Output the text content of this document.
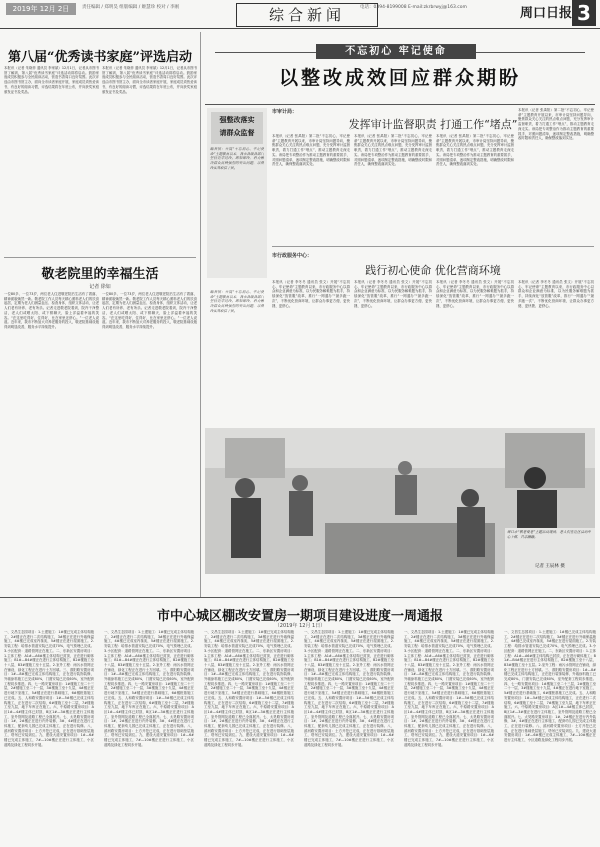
2019年 12月 2日	责任编辑 / 郑明昊 组版编辑 / 姬慧珍 校对 / 李刚	综合新闻	电话：0394-8199008 E-mail:zkrbrwyj@163.com	周口日报 3
第八届“优秀读书家庭”评选启动
本报讯（记者 朱晓菲 通讯员 李家斌）12月1日，记者从市图书馆了解到，第八届“优秀读书家庭”评选活动即将启动。鼓励家庭成员积极参与全民阅读活动，营造书香周口良好氛围。此次评选由市图书馆主办，面向全市读者家庭开展，家庭成员须热爱读书，有良好的阅读习惯，评选结果将在年底公布，并向获奖家庭颁发证书及奖品。
本报讯（记者 朱晓菲 通讯员 李家斌）12月1日，记者从市图书馆了解到，第八届“优秀读书家庭”评选活动即将启动。鼓励家庭成员积极参与全民阅读活动，营造书香周口良好氛围。此次评选由市图书馆主办，面向全市读者家庭开展，家庭成员须热爱读书，有良好的阅读习惯，评选结果将在年底公布，并向获奖家庭颁发证书及奖品。
敬老院里的幸福生活
记者 徐如
一位80多、一位73岁，两位老人住进敬老院后生活有了着落，精神面貌焕然一新。敬老院工作人员每天精心照料老人们的饮食起居，定期为老人们测量血压、检查身体，组织文体活动，让老人们老有所养、老有所乐。记者走进敬老院看到，院内干净整洁，老人们或晒太阳、或下棋聊天，脸上洋溢着幸福的笑容。“在这里吃得好、住得好，比在家里还舒心。”一位老人说道。近年来，我市不断加大对养老服务的投入，敬老院基础设施得到明显改善，服务水平持续提升。
一位80多、一位73岁，两位老人住进敬老院后生活有了着落，精神面貌焕然一新。敬老院工作人员每天精心照料老人们的饮食起居，定期为老人们测量血压、检查身体，组织文体活动，让老人们老有所养、老有所乐。记者走进敬老院看到，院内干净整洁，老人们或晒太阳、或下棋聊天，脸上洋溢着幸福的笑容。“在这里吃得好、住得好，比在家里还舒心。”一位老人说道。近年来，我市不断加大对养老服务的投入，敬老院基础设施得到明显改善，服务水平持续提升。
不忘初心 牢记使命
以整改成效回应群众期盼
强整改落实
请群众监督
编者按：开展“不忘初心、牢记使命”主题教育以来，我市各级各部门坚持边学边改、即知即改，着力解决群众反映强烈的突出问题，以整改实效取信于民。
编者按：开展“不忘初心、牢记使命”主题教育以来，我市各级各部门坚持边学边改、即知即改，着力解决群众反映强烈的突出问题，以整改实效取信于民。
市审计局：
发挥审计监督职责 打通工作“堵点”
本报讯（记者 张禹阳）第二批“不忘初心、牢记使命”主题教育开展以来，市审计局坚持问题导向，聚焦群众关心关注的热点难点问题，充分发挥审计监督职责，着力打通工作“堵点”，推动主题教育走深走实。该局把专项整治作为推动主题教育的重要抓手，对照问题清单，逐项制定整改措施，明确整改时限和责任人，确保整改落到实处。
本报讯（记者 张禹阳）第二批“不忘初心、牢记使命”主题教育开展以来，市审计局坚持问题导向，聚焦群众关心关注的热点难点问题，充分发挥审计监督职责，着力打通工作“堵点”，推动主题教育走深走实。该局把专项整治作为推动主题教育的重要抓手，对照问题清单，逐项制定整改措施，明确整改时限和责任人，确保整改落到实处。
本报讯（记者 张禹阳）第二批“不忘初心、牢记使命”主题教育开展以来，市审计局坚持问题导向，聚焦群众关心关注的热点难点问题，充分发挥审计监督职责，着力打通工作“堵点”，推动主题教育走深走实。该局把专项整治作为推动主题教育的重要抓手，对照问题清单，逐项制定整改措施，明确整改时限和责任人，确保整改落到实处。
本报讯（记者 张禹阳）第二批“不忘初心、牢记使命”主题教育开展以来，市审计局坚持问题导向，聚焦群众关心关注的热点难点问题，充分发挥审计监督职责，着力打通工作“堵点”，推动主题教育走深走实。该局把专项整治作为推动主题教育的重要抓手，对照问题清单，逐项制定整改措施，明确整改时限和责任人，确保整改落到实处。
市行政服务中心：
践行初心使命 优化营商环境
本报讯（记者 李冬冬 通讯员 张文）开展“不忘初心、牢记使命”主题教育以来，市行政服务中心以群众和企业满意为标准，以为民服务解难题为抓手，持续深化“放管服”改革，推行“一网通办”“最多跑一次”，不断优化营商环境，让群众办事更方便、更快捷、更舒心。
本报讯（记者 李冬冬 通讯员 张文）开展“不忘初心、牢记使命”主题教育以来，市行政服务中心以群众和企业满意为标准，以为民服务解难题为抓手，持续深化“放管服”改革，推行“一网通办”“最多跑一次”，不断优化营商环境，让群众办事更方便、更快捷、更舒心。
本报讯（记者 李冬冬 通讯员 张文）开展“不忘初心、牢记使命”主题教育以来，市行政服务中心以群众和企业满意为标准，以为民服务解难题为抓手，持续深化“放管服”改革，推行“一网通办”“最多跑一次”，不断优化营商环境，让群众办事更方便、更快捷、更舒心。
本报讯（记者 李冬冬 通讯员 张文）开展“不忘初心、牢记使命”主题教育以来，市行政服务中心以群众和企业满意为标准，以为民服务解难题为抓手，持续深化“放管服”改革，推行“一网通办”“最多跑一次”，不断优化营商环境，让群众办事更方便、更快捷、更舒心。
周口市“敬老爱老”主题活动现场，老人们在社区活动中心下棋，其乐融融。
记者 王辰林 摄
市中心城区棚改安置房一期项目建设进度一周通报
（2019年 12月 1日）
一、文昌生态园项目：1.土建施工：1#楼已完成主体结构施工，2#楼正在进行二次结构施工，3#楼正在进行外墙保温施工，4#楼已完成室内抹灰，5#楼正在进行屋面施工。2.安装工程：给排水管道安装已完成70%，电气预埋已完成。3.小区配套：道路管网正在施工。二、东新区安置房项目：1.主体工程：A1#—A6#楼主体结构已封顶，正在进行砌体施工；B1#—B4#楼正在进行主体结构施工，B2#楼施工至十八层，B3#楼施工至十五层。2.室外工程：雨污水管网正在铺设，绿化工程正在进行土方回填。三、淮阳路安置房项目：1#—8#楼已完成主体结构施工，正在进行装饰装修，外墙涂料施工已完成80%，门窗安装已完成60%，室外配套工程同步推进。四、七一路安置房项目：1#楼施工至二十三层，2#楼施工至二十一层，3#楼施工至十九层，4#楼正在进行地下室施工，5#楼正在进行基础施工，6#楼桩基施工已完成。五、人和路安置房项目：1#—5#楼已完成主体结构施工，正在进行二次结构，6#楼施工至十二层，7#楼施工至九层，地下车库正在施工。六、中原路安置房项目：A区1#—4#楼主体已封顶，B区1#—3#楼正在进行主体施工，室外管网及道路工程已全面展开。七、太昊路安置房项目：1#、2#楼正在进行内外装修，3#、4#楼正在进行主体施工，配套幼儿园已完成主体施工，正在进行装修。八、滨河路安置房项目：土方开挖已完成，正在进行基础垫层施工，塔吊已安装到位。九、建设大道安置房项目：1#—6#楼已完成主体施工，7#—10#楼正在进行主体施工，小区道路及绿化工程同步开展。
一、文昌生态园项目：1.土建施工：1#楼已完成主体结构施工，2#楼正在进行二次结构施工，3#楼正在进行外墙保温施工，4#楼已完成室内抹灰，5#楼正在进行屋面施工。2.安装工程：给排水管道安装已完成70%，电气预埋已完成。3.小区配套：道路管网正在施工。二、东新区安置房项目：1.主体工程：A1#—A6#楼主体结构已封顶，正在进行砌体施工；B1#—B4#楼正在进行主体结构施工，B2#楼施工至十八层，B3#楼施工至十五层。2.室外工程：雨污水管网正在铺设，绿化工程正在进行土方回填。三、淮阳路安置房项目：1#—8#楼已完成主体结构施工，正在进行装饰装修，外墙涂料施工已完成80%，门窗安装已完成60%，室外配套工程同步推进。四、七一路安置房项目：1#楼施工至二十三层，2#楼施工至二十一层，3#楼施工至十九层，4#楼正在进行地下室施工，5#楼正在进行基础施工，6#楼桩基施工已完成。五、人和路安置房项目：1#—5#楼已完成主体结构施工，正在进行二次结构，6#楼施工至十二层，7#楼施工至九层，地下车库正在施工。六、中原路安置房项目：A区1#—4#楼主体已封顶，B区1#—3#楼正在进行主体施工，室外管网及道路工程已全面展开。七、太昊路安置房项目：1#、2#楼正在进行内外装修，3#、4#楼正在进行主体施工，配套幼儿园已完成主体施工，正在进行装修。八、滨河路安置房项目：土方开挖已完成，正在进行基础垫层施工，塔吊已安装到位。九、建设大道安置房项目：1#—6#楼已完成主体施工，7#—10#楼正在进行主体施工，小区道路及绿化工程同步开展。
一、文昌生态园项目：1.土建施工：1#楼已完成主体结构施工，2#楼正在进行二次结构施工，3#楼正在进行外墙保温施工，4#楼已完成室内抹灰，5#楼正在进行屋面施工。2.安装工程：给排水管道安装已完成70%，电气预埋已完成。3.小区配套：道路管网正在施工。二、东新区安置房项目：1.主体工程：A1#—A6#楼主体结构已封顶，正在进行砌体施工；B1#—B4#楼正在进行主体结构施工，B2#楼施工至十八层，B3#楼施工至十五层。2.室外工程：雨污水管网正在铺设，绿化工程正在进行土方回填。三、淮阳路安置房项目：1#—8#楼已完成主体结构施工，正在进行装饰装修，外墙涂料施工已完成80%，门窗安装已完成60%，室外配套工程同步推进。四、七一路安置房项目：1#楼施工至二十三层，2#楼施工至二十一层，3#楼施工至十九层，4#楼正在进行地下室施工，5#楼正在进行基础施工，6#楼桩基施工已完成。五、人和路安置房项目：1#—5#楼已完成主体结构施工，正在进行二次结构，6#楼施工至十二层，7#楼施工至九层，地下车库正在施工。六、中原路安置房项目：A区1#—4#楼主体已封顶，B区1#—3#楼正在进行主体施工，室外管网及道路工程已全面展开。七、太昊路安置房项目：1#、2#楼正在进行内外装修，3#、4#楼正在进行主体施工，配套幼儿园已完成主体施工，正在进行装修。八、滨河路安置房项目：土方开挖已完成，正在进行基础垫层施工，塔吊已安装到位。九、建设大道安置房项目：1#—6#楼已完成主体施工，7#—10#楼正在进行主体施工，小区道路及绿化工程同步开展。
一、文昌生态园项目：1.土建施工：1#楼已完成主体结构施工，2#楼正在进行二次结构施工，3#楼正在进行外墙保温施工，4#楼已完成室内抹灰，5#楼正在进行屋面施工。2.安装工程：给排水管道安装已完成70%，电气预埋已完成。3.小区配套：道路管网正在施工。二、东新区安置房项目：1.主体工程：A1#—A6#楼主体结构已封顶，正在进行砌体施工；B1#—B4#楼正在进行主体结构施工，B2#楼施工至十八层，B3#楼施工至十五层。2.室外工程：雨污水管网正在铺设，绿化工程正在进行土方回填。三、淮阳路安置房项目：1#—8#楼已完成主体结构施工，正在进行装饰装修，外墙涂料施工已完成80%，门窗安装已完成60%，室外配套工程同步推进。四、七一路安置房项目：1#楼施工至二十三层，2#楼施工至二十一层，3#楼施工至十九层，4#楼正在进行地下室施工，5#楼正在进行基础施工，6#楼桩基施工已完成。五、人和路安置房项目：1#—5#楼已完成主体结构施工，正在进行二次结构，6#楼施工至十二层，7#楼施工至九层，地下车库正在施工。六、中原路安置房项目：A区1#—4#楼主体已封顶，B区1#—3#楼正在进行主体施工，室外管网及道路工程已全面展开。七、太昊路安置房项目：1#、2#楼正在进行内外装修，3#、4#楼正在进行主体施工，配套幼儿园已完成主体施工，正在进行装修。八、滨河路安置房项目：土方开挖已完成，正在进行基础垫层施工，塔吊已安装到位。九、建设大道安置房项目：1#—6#楼已完成主体施工，7#—10#楼正在进行主体施工，小区道路及绿化工程同步开展。
一、文昌生态园项目：1.土建施工：1#楼已完成主体结构施工，2#楼正在进行二次结构施工，3#楼正在进行外墙保温施工，4#楼已完成室内抹灰，5#楼正在进行屋面施工。2.安装工程：给排水管道安装已完成70%，电气预埋已完成。3.小区配套：道路管网正在施工。二、东新区安置房项目：1.主体工程：A1#—A6#楼主体结构已封顶，正在进行砌体施工；B1#—B4#楼正在进行主体结构施工，B2#楼施工至十八层，B3#楼施工至十五层。2.室外工程：雨污水管网正在铺设，绿化工程正在进行土方回填。三、淮阳路安置房项目：1#—8#楼已完成主体结构施工，正在进行装饰装修，外墙涂料施工已完成80%，门窗安装已完成60%，室外配套工程同步推进。四、七一路安置房项目：1#楼施工至二十三层，2#楼施工至二十一层，3#楼施工至十九层，4#楼正在进行地下室施工，5#楼正在进行基础施工，6#楼桩基施工已完成。五、人和路安置房项目：1#—5#楼已完成主体结构施工，正在进行二次结构，6#楼施工至十二层，7#楼施工至九层，地下车库正在施工。六、中原路安置房项目：A区1#—4#楼主体已封顶，B区1#—3#楼正在进行主体施工，室外管网及道路工程已全面展开。七、太昊路安置房项目：1#、2#楼正在进行内外装修，3#、4#楼正在进行主体施工，配套幼儿园已完成主体施工，正在进行装修。八、滨河路安置房项目：土方开挖已完成，正在进行基础垫层施工，塔吊已安装到位。九、建设大道安置房项目：1#—6#楼已完成主体施工，7#—10#楼正在进行主体施工，小区道路及绿化工程同步开展。
一、文昌生态园项目：1.土建施工：1#楼已完成主体结构施工，2#楼正在进行二次结构施工，3#楼正在进行外墙保温施工，4#楼已完成室内抹灰，5#楼正在进行屋面施工。2.安装工程：给排水管道安装已完成70%，电气预埋已完成。3.小区配套：道路管网正在施工。二、东新区安置房项目：1.主体工程：A1#—A6#楼主体结构已封顶，正在进行砌体施工；B1#—B4#楼正在进行主体结构施工，B2#楼施工至十八层，B3#楼施工至十五层。2.室外工程：雨污水管网正在铺设，绿化工程正在进行土方回填。三、淮阳路安置房项目：1#—8#楼已完成主体结构施工，正在进行装饰装修，外墙涂料施工已完成80%，门窗安装已完成60%，室外配套工程同步推进。四、七一路安置房项目：1#楼施工至二十三层，2#楼施工至二十一层，3#楼施工至十九层，4#楼正在进行地下室施工，5#楼正在进行基础施工，6#楼桩基施工已完成。五、人和路安置房项目：1#—5#楼已完成主体结构施工，正在进行二次结构，6#楼施工至十二层，7#楼施工至九层，地下车库正在施工。六、中原路安置房项目：A区1#—4#楼主体已封顶，B区1#—3#楼正在进行主体施工，室外管网及道路工程已全面展开。七、太昊路安置房项目：1#、2#楼正在进行内外装修，3#、4#楼正在进行主体施工，配套幼儿园已完成主体施工，正在进行装修。八、滨河路安置房项目：土方开挖已完成，正在进行基础垫层施工，塔吊已安装到位。九、建设大道安置房项目：1#—6#楼已完成主体施工，7#—10#楼正在进行主体施工，小区道路及绿化工程同步开展。
